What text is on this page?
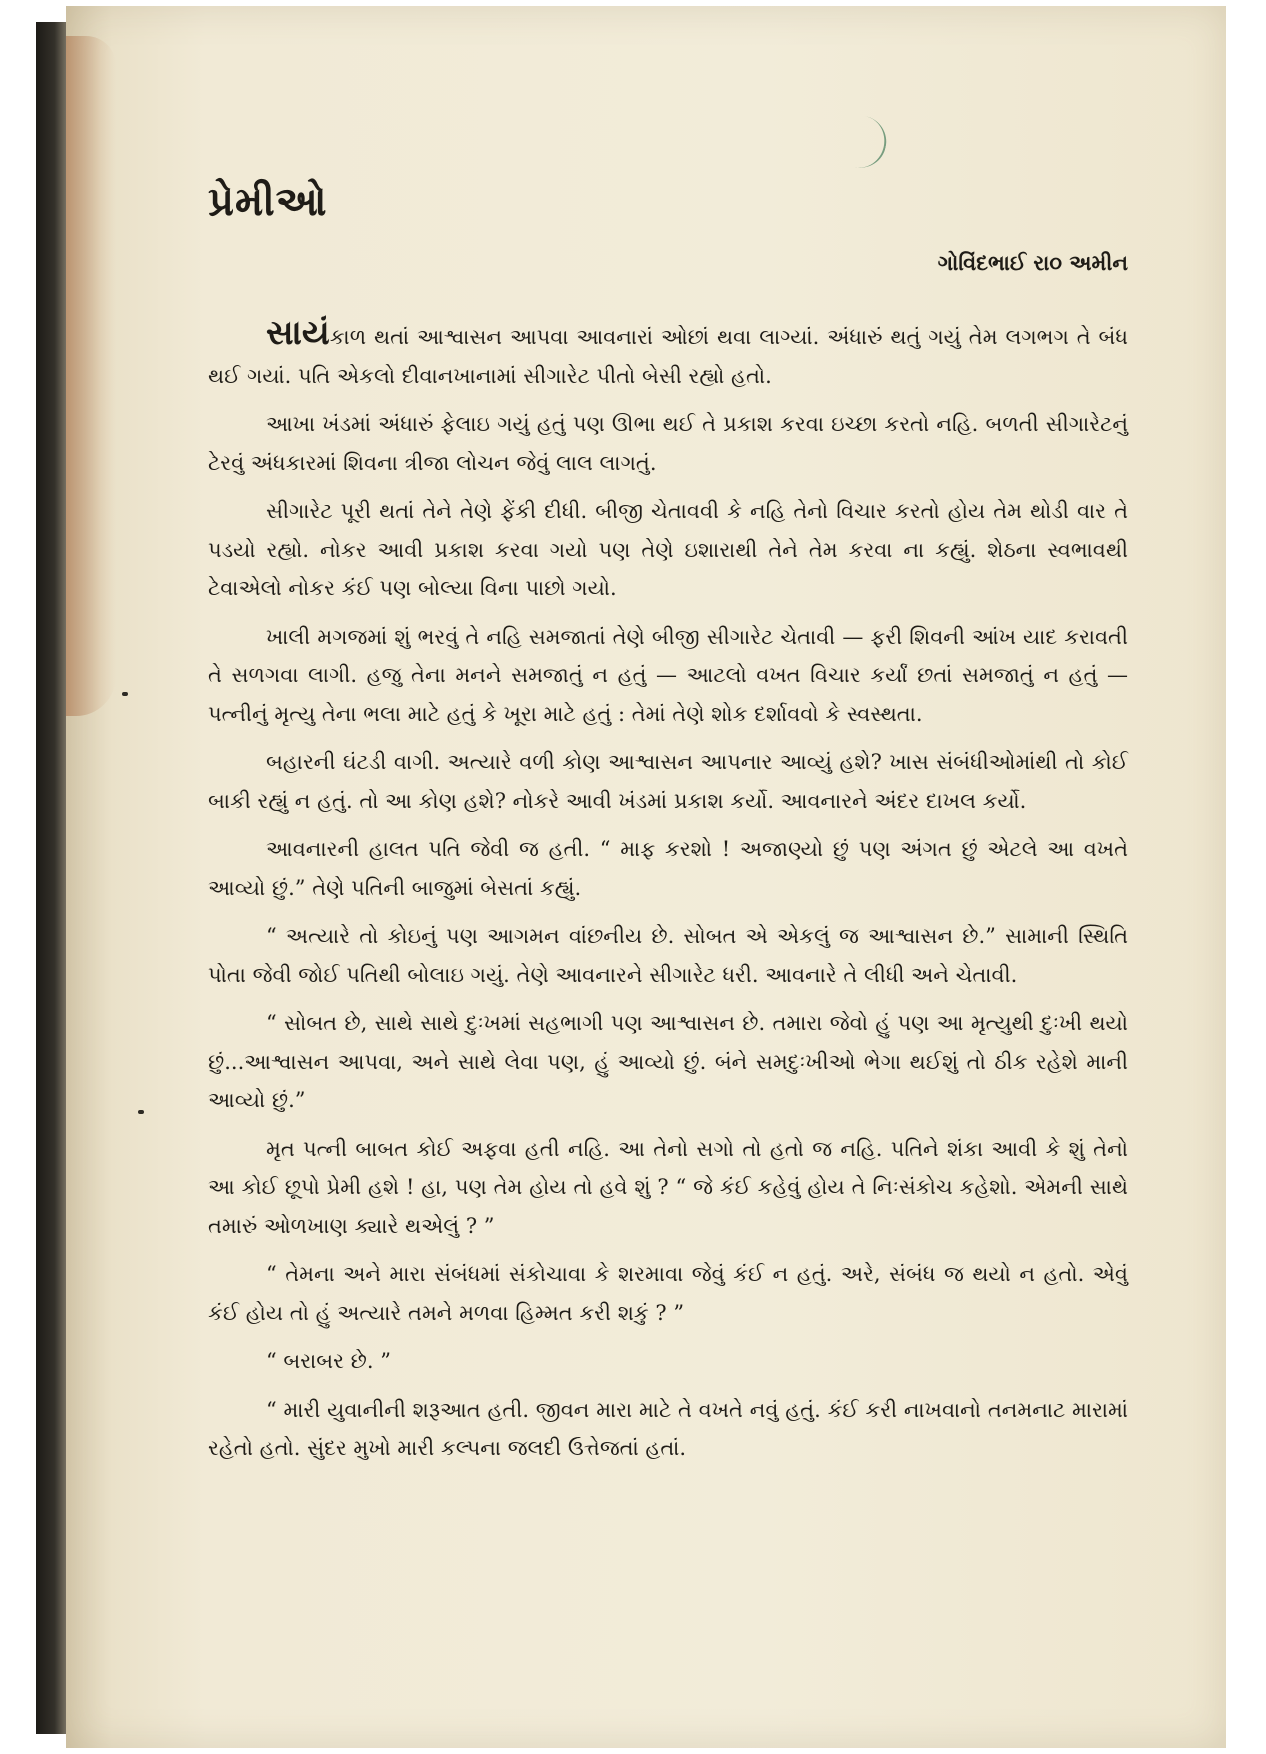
પ્રેમીઓ

ગોવિંદભાઈ રા૦ અમીન

સાયંકાળ થતાં આશ્વાસન આપવા આવનારાં ઓછાં થવા લાગ્યાં. અંધારું થતું ગયું તેમ લગભગ તે બંધ થઈ ગયાં. પતિ એકલો દીવાનખાનામાં સીગારેટ પીતો બેસી રહ્યો હતો.

આખા ખંડમાં અંધારું ફેલાઇ ગયું હતું પણ ઊભા થઈ તે પ્રકાશ કરવા ઇચ્છા કરતો નહિ. બળતી સીગારેટનું ટેરવું અંધકારમાં શિવના ત્રીજા લોચન જેવું લાલ લાગતું.

સીગારેટ પૂરી થતાં તેને તેણે ફેંકી દીધી. બીજી ચેતાવવી કે નહિ તેનો વિચાર કરતો હોય તેમ થોડી વાર તે પડયો રહ્યો. નોકર આવી પ્રકાશ કરવા ગયો પણ તેણે ઇશારાથી તેને તેમ કરવા ના કહ્યું. શેઠના સ્વભાવથી ટેવાએલો નોકર કંઈ પણ બોલ્યા વિના પાછો ગયો.

ખાલી મગજમાં શું ભરવું તે નહિ સમજાતાં તેણે બીજી સીગારેટ ચેતાવી — ફરી શિવની આંખ યાદ કરાવતી તે સળગવા લાગી. હજુ તેના મનને સમજાતું ન હતું — આટલો વખત વિચાર કર્યાં છતાં સમજાતું ન હતું — પત્નીનું મૃત્યુ તેના ભલા માટે હતું કે ખૂરા માટે હતું : તેમાં તેણે શોક દર્શાવવો કે સ્વસ્થતા.

બહારની ઘંટડી વાગી. અત્યારે વળી કોણ આશ્વાસન આપનાર આવ્યું હશે? ખાસ સંબંધીઓમાંથી તો કોઈ બાકી રહ્યું ન હતું. તો આ કોણ હશે? નોકરે આવી ખંડમાં પ્રકાશ કર્યો. આવનારને અંદર દાખલ કર્યો.

આવનારની હાલત પતિ જેવી જ હતી. “ માફ કરશો ! અજાણ્યો છું પણ અંગત છું એટલે આ વખતે આવ્યો છું.” તેણે પતિની બાજુમાં બેસતાં કહ્યું.

“ અત્યારે તો કોઇનું પણ આગમન વાંછનીય છે. સોબત એ એકલું જ આશ્વાસન છે.” સામાની સ્થિતિ પોતા જેવી જોઈ પતિથી બોલાઇ ગયું. તેણે આવનારને સીગારેટ ધરી. આવનારે તે લીધી અને ચેતાવી.

“ સોબત છે, સાથે સાથે દુઃખમાં સહભાગી પણ આશ્વાસન છે. તમારા જેવો હું પણ આ મૃત્યુથી દુઃખી થયો છું...આશ્વાસન આપવા, અને સાથે લેવા પણ, હું આવ્યો છું. બંને સમદુઃખીઓ ભેગા થઈશું તો ઠીક રહેશે માની આવ્યો છું.”

મૃત પત્ની બાબત કોઈ અફવા હતી નહિ. આ તેનો સગો તો હતો જ નહિ. પતિને શંકા આવી કે શું તેનો આ કોઈ છૂપો પ્રેમી હશે ! હા, પણ તેમ હોય તો હવે શું ? “ જે કંઈ કહેવું હોય તે નિઃસંકોચ કહેશો. એમની સાથે તમારું ઓળખાણ ક્યારે થએલું ? ”

“ તેમના અને મારા સંબંધમાં સંકોચાવા કે શરમાવા જેવું કંઈ ન હતું. અરે, સંબંધ જ થયો ન હતો. એવું કંઈ હોય તો હું અત્યારે તમને મળવા હિમ્મત કરી શકું ? ”

“ બરાબર છે. ”

“ મારી યુવાનીની શરૂઆત હતી. જીવન મારા માટે તે વખતે નવું હતું. કંઈ કરી નાખવાનો તનમનાટ મારામાં રહેતો હતો. સુંદર મુખો મારી કલ્પના જલદી ઉત્તેજતાં હતાં.
